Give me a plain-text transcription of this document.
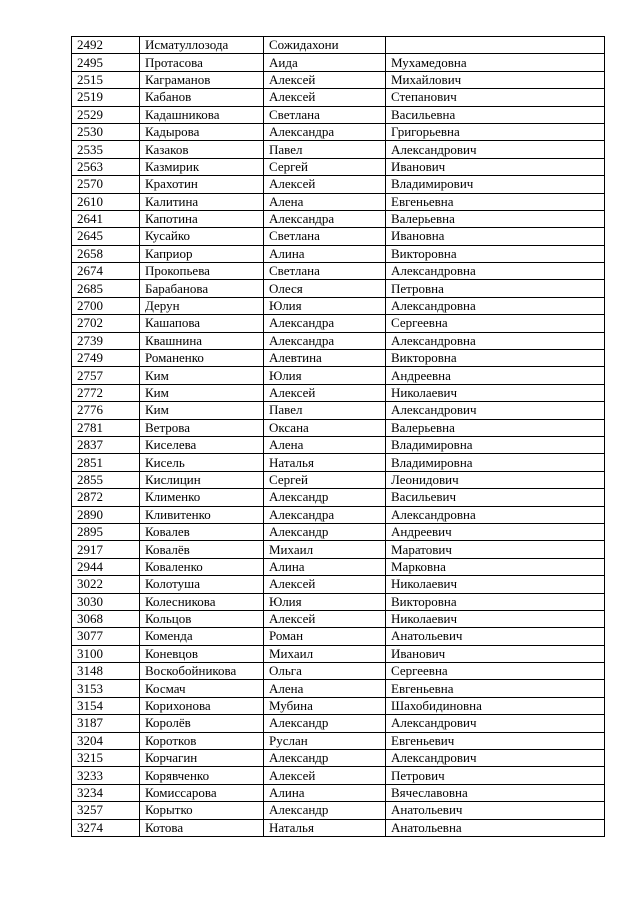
2492	Исматуллозода	Сожидахони	
2495	Протасова	Аида	Мухамедовна
2515	Каграманов	Алексей	Михайлович
2519	Кабанов	Алексей	Степанович
2529	Кадашникова	Светлана	Васильевна
2530	Кадырова	Александра	Григорьевна
2535	Казаков	Павел	Александрович
2563	Казмирик	Сергей	Иванович
2570	Крахотин	Алексей	Владимирович
2610	Калитина	Алена	Евгеньевна
2641	Капотина	Александра	Валерьевна
2645	Кусайко	Светлана	Ивановна
2658	Каприор	Алина	Викторовна
2674	Прокопьева	Светлана	Александровна
2685	Барабанова	Олеся	Петровна
2700	Дерун	Юлия	Александровна
2702	Кашапова	Александра	Сергеевна
2739	Квашнина	Александра	Александровна
2749	Романенко	Алевтина	Викторовна
2757	Ким	Юлия	Андреевна
2772	Ким	Алексей	Николаевич
2776	Ким	Павел	Александрович
2781	Ветрова	Оксана	Валерьевна
2837	Киселева	Алена	Владимировна
2851	Кисель	Наталья	Владимировна
2855	Кислицин	Сергей	Леонидович
2872	Клименко	Александр	Васильевич
2890	Кливитенко	Александра	Александровна
2895	Ковалев	Александр	Андреевич
2917	Ковалёв	Михаил	Маратович
2944	Коваленко	Алина	Марковна
3022	Колотуша	Алексей	Николаевич
3030	Колесникова	Юлия	Викторовна
3068	Кольцов	Алексей	Николаевич
3077	Коменда	Роман	Анатольевич
3100	Коневцов	Михаил	Иванович
3148	Воскобойникова	Ольга	Сергеевна
3153	Космач	Алена	Евгеньевна
3154	Корихонова	Мубина	Шахобидиновна
3187	Королёв	Александр	Александрович
3204	Коротков	Руслан	Евгеньевич
3215	Корчагин	Александр	Александрович
3233	Корявченко	Алексей	Петрович
3234	Комиссарова	Алина	Вячеславовна
3257	Корытко	Александр	Анатольевич
3274	Котова	Наталья	Анатольевна
